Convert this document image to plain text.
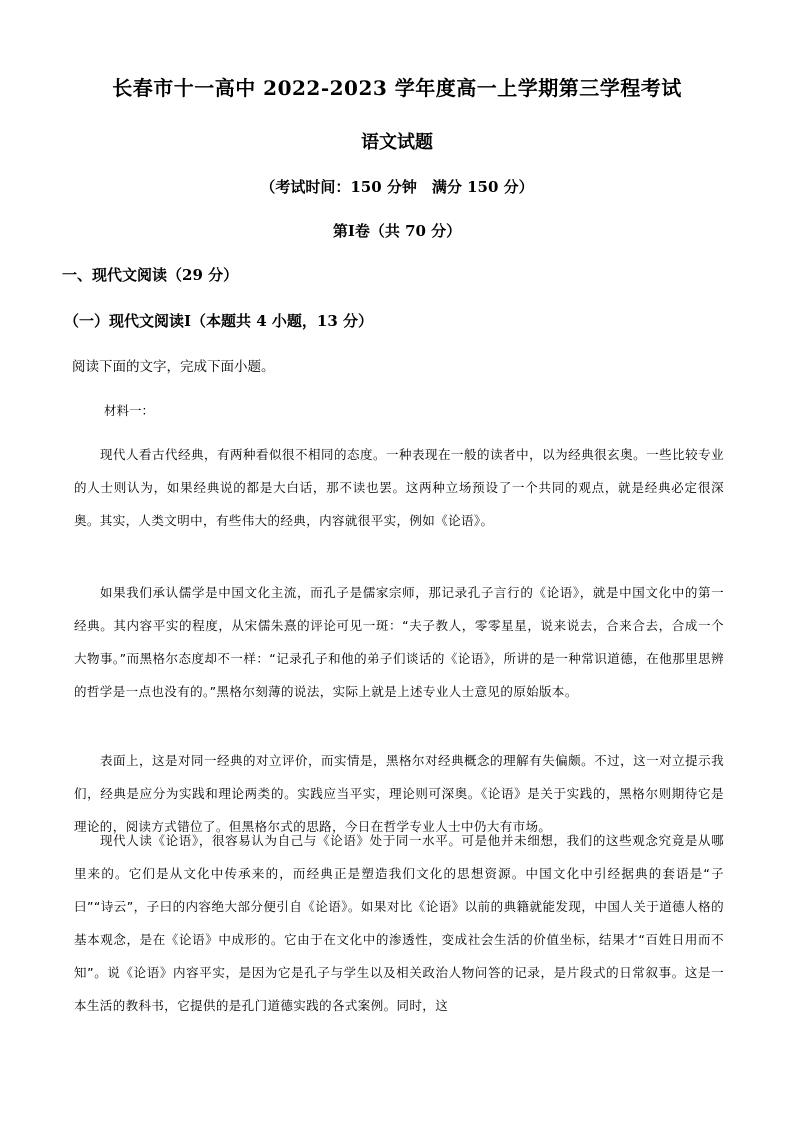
长春市十一高中 2022-2023 学年度高一上学期第三学程考试
语文试题
（考试时间：150 分钟　满分 150 分）
第Ⅰ卷（共 70 分）
一、现代文阅读（29 分）
（一）现代文阅读Ⅰ（本题共 4 小题，13 分）
阅读下面的文字，完成下面小题。
材料一：

现代人看古代经典，有两种看似很不相同的态度。一种表现在一般的读者中，以为经典很玄奥。一些比较专业的人士则认为，如果经典说的都是大白话，那不读也罢。这两种立场预设了一个共同的观点，就是经典必定很深奥。其实，人类文明中，有些伟大的经典，内容就很平实，例如《论语》。

如果我们承认儒学是中国文化主流，而孔子是儒家宗师，那记录孔子言行的《论语》，就是中国文化中的第一经典。其内容平实的程度，从宋儒朱熹的评论可见一斑：“夫子教人，零零星星，说来说去，合来合去，合成一个大物事。”而黑格尔态度却不一样：“记录孔子和他的弟子们谈话的《论语》，所讲的是一种常识道德，在他那里思辨的哲学是一点也没有的。”黑格尔刻薄的说法，实际上就是上述专业人士意见的原始版本。

表面上，这是对同一经典的对立评价，而实情是，黑格尔对经典概念的理解有失偏颇。不过，这一对立提示我们，经典是应分为实践和理论两类的。实践应当平实，理论则可深奥。《论语》是关于实践的，黑格尔则期待它是理论的，阅读方式错位了。但黑格尔式的思路，今日在哲学专业人士中仍大有市场。

现代人读《论语》，很容易认为自己与《论语》处于同一水平。可是他并未细想，我们的这些观念究竟是从哪里来的。它们是从文化中传承来的，而经典正是塑造我们文化的思想资源。中国文化中引经据典的套语是“子曰”“诗云”，子曰的内容绝大部分便引自《论语》。如果对比《论语》以前的典籍就能发现，中国人关于道德人格的基本观念，是在《论语》中成形的。它由于在文化中的渗透性，变成社会生活的价值坐标，结果才“百姓日用而不知”。说《论语》内容平实，是因为它是孔子与学生以及相关政治人物问答的记录，是片段式的日常叙事。这是一本生活的教科书，它提供的是孔门道德实践的各式案例。同时，这
